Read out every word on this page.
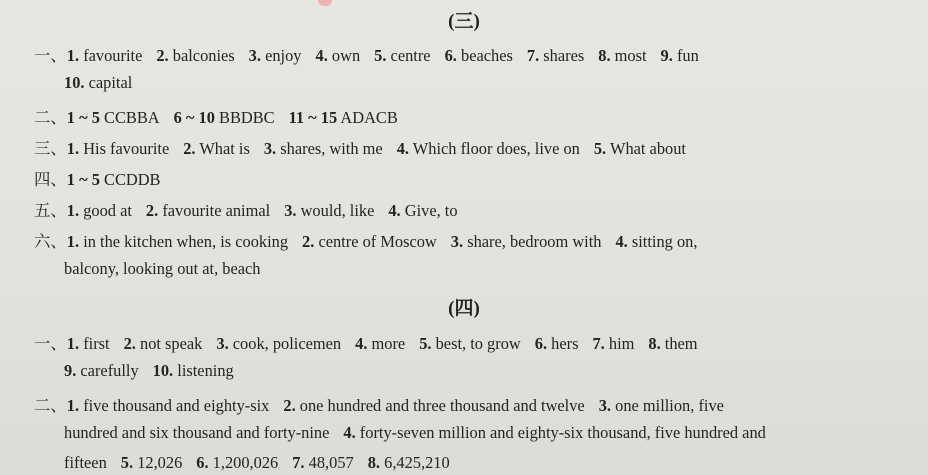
(三)
一、1. favourite 2. balconies 3. enjoy 4. own 5. centre 6. beaches 7. shares 8. most 9. fun
10. capital
二、1 ~ 5 CCBBA 6 ~ 10 BBDBC 11 ~ 15 ADACB
三、1. His favourite 2. What is 3. shares, with me 4. Which floor does, live on 5. What about
四、1 ~ 5 CCDDB
五、1. good at 2. favourite animal 3. would, like 4. Give, to
六、1. in the kitchen when, is cooking 2. centre of Moscow 3. share, bedroom with 4. sitting on,
balcony, looking out at, beach
(四)
一、1. first 2. not speak 3. cook, policemen 4. more 5. best, to grow 6. hers 7. him 8. them
9. carefully 10. listening
二、1. five thousand and eighty-six 2. one hundred and three thousand and twelve 3. one million, five
hundred and six thousand and forty-nine 4. forty-seven million and eighty-six thousand, five hundred and
fifteen 5. 12,026 6. 1,200,026 7. 48,057 8. 6,425,210
